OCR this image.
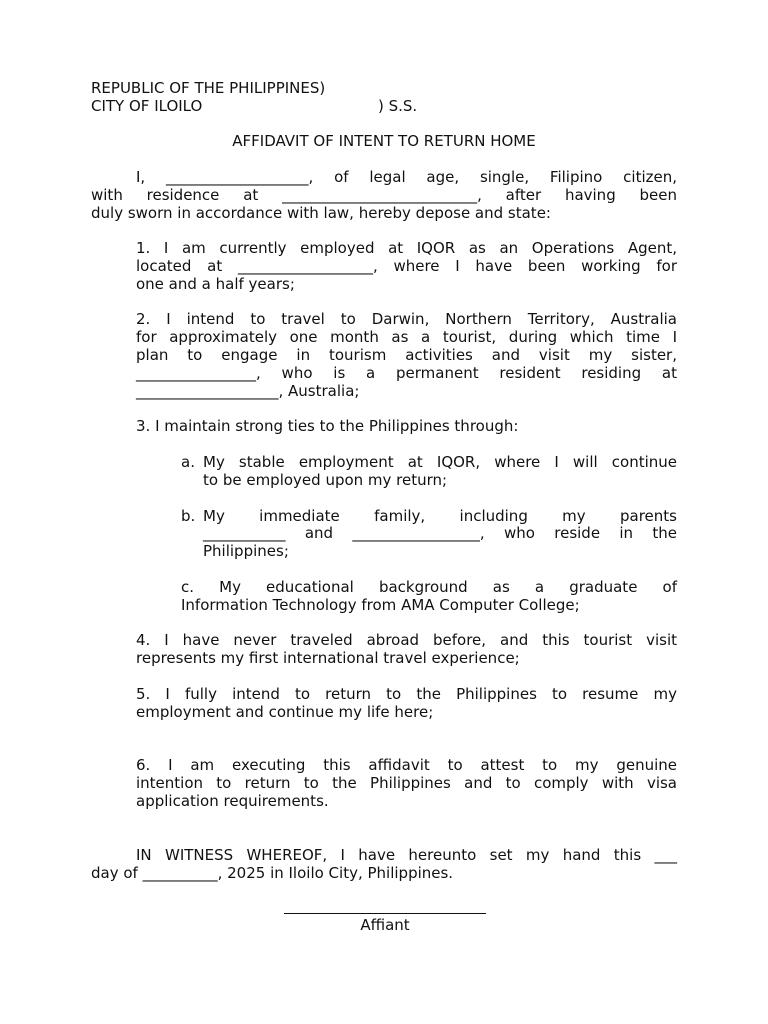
REPUBLIC OF THE PHILIPPINES)

CITY OF ILOILO	) S.S.

AFFIDAVIT OF INTENT TO RETURN HOME

I, ___________________, of legal age, single, Filipino citizen,

with residence at __________________________, after having been

duly sworn in accordance with law, hereby depose and state:

1. I am currently employed at IQOR as an Operations Agent,

located at __________________, where I have been working for

one and a half years;

2. I intend to travel to Darwin, Northern Territory, Australia

for approximately one month as a tourist, during which time I

plan to engage in tourism activities and visit my sister,

________________, who is a permanent resident residing at

___________________, Australia;

3. I maintain strong ties to the Philippines through:

a. My stable employment at IQOR, where I will continue

to be employed upon my return;

b. My immediate family, including my parents

___________ and _________________, who reside in the

Philippines;

c. My educational background as a graduate of

Information Technology from AMA Computer College;

4. I have never traveled abroad before, and this tourist visit

represents my first international travel experience;

5. I fully intend to return to the Philippines to resume my

employment and continue my life here;

6. I am executing this affidavit to attest to my genuine

intention to return to the Philippines and to comply with visa

application requirements.

IN WITNESS WHEREOF, I have hereunto set my hand this ___

day of __________, 2025 in Iloilo City, Philippines.

Affiant
